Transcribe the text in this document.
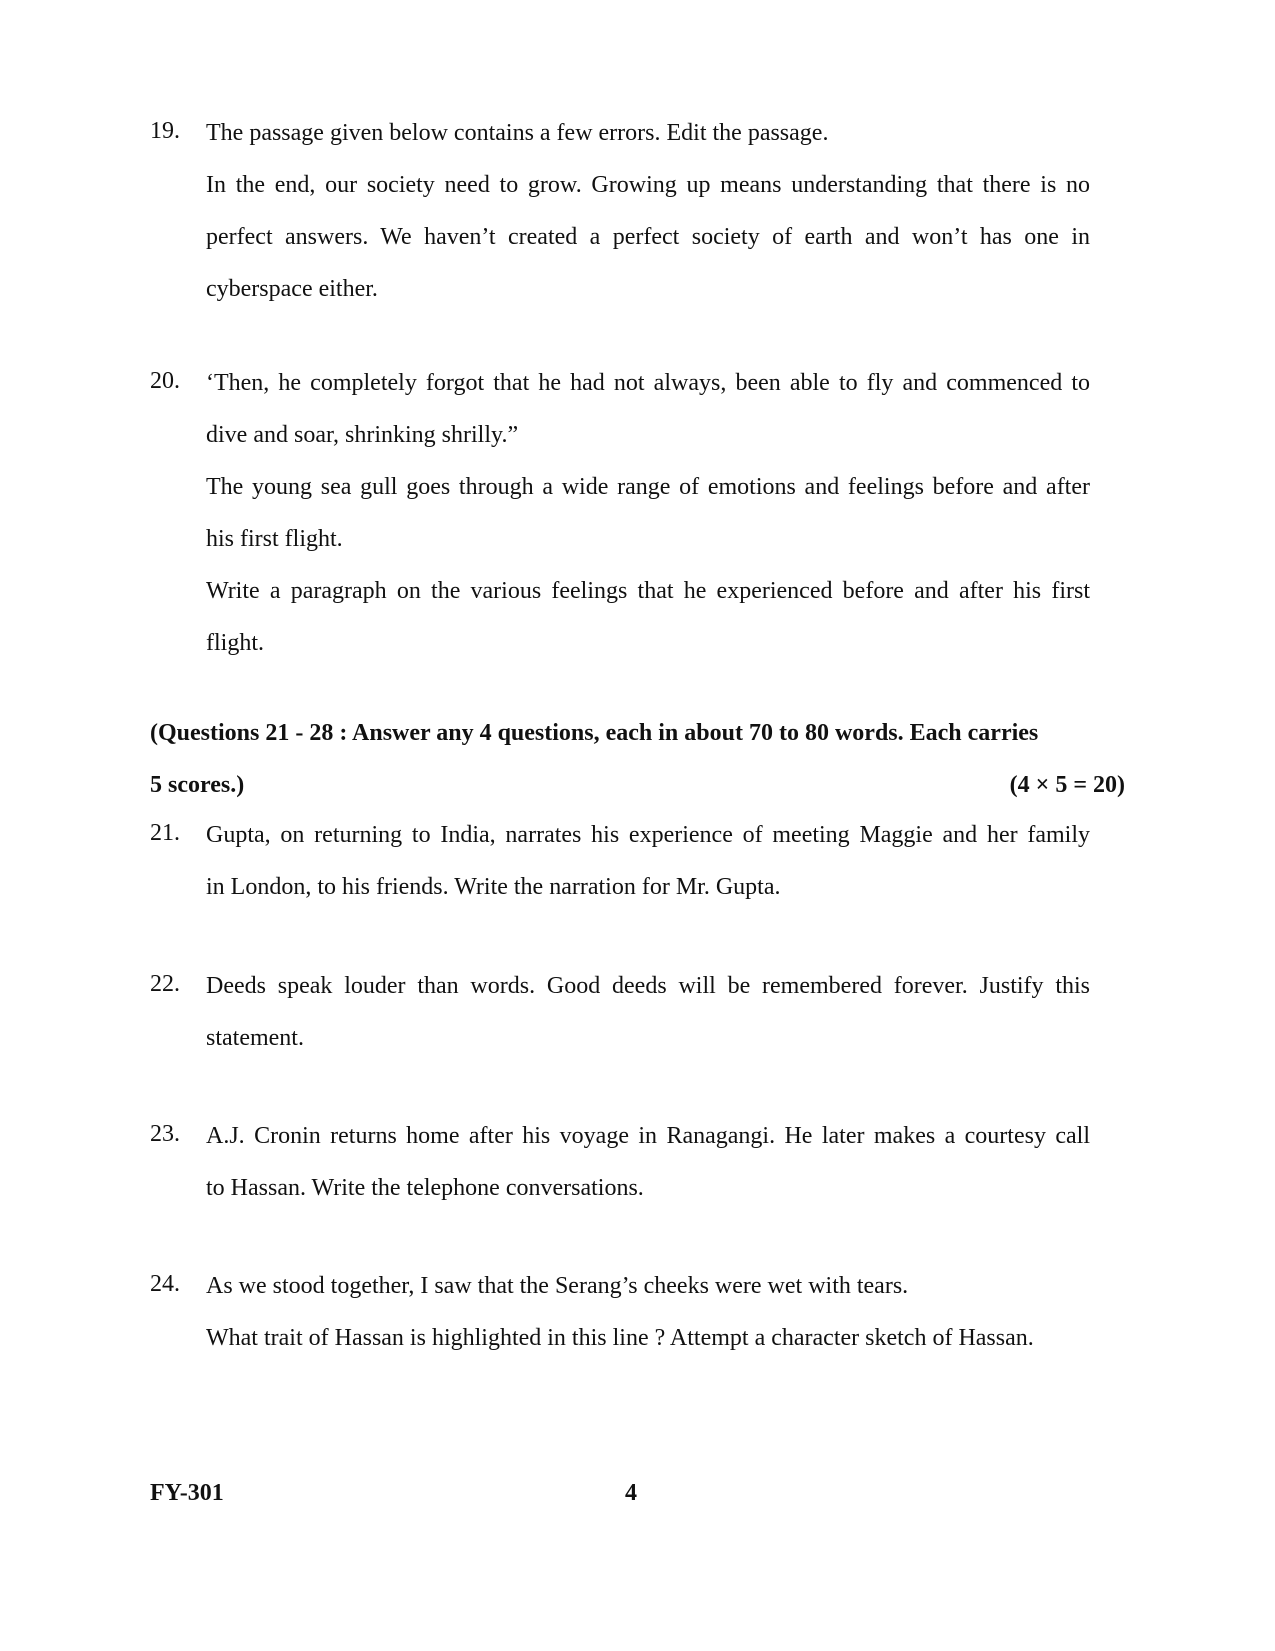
19.	The passage given below contains a few errors. Edit the passage.
In the end, our society need to grow. Growing up means understanding that there is no
perfect answers. We haven’t created a perfect society of earth and won’t has one in
cyberspace either.
20.	‘Then, he completely forgot that he had not always, been able to fly and commenced to
dive and soar, shrinking shrilly.”
The young sea gull goes through a wide range of emotions and feelings before and after
his first flight.
Write a paragraph on the various feelings that he experienced before and after his first
flight.
(Questions 21 - 28 : Answer any 4 questions, each in about 70 to 80 words. Each carries
5 scores.)	(4 × 5 = 20)
21.	Gupta, on returning to India, narrates his experience of meeting Maggie and her family
in London, to his friends. Write the narration for Mr. Gupta.
22.	Deeds speak louder than words. Good deeds will be remembered forever. Justify this
statement.
23.	A.J. Cronin returns home after his voyage in Ranagangi. He later makes a courtesy call
to Hassan. Write the telephone conversations.
24.	As we stood together, I saw that the Serang’s cheeks were wet with tears.
What trait of Hassan is highlighted in this line ? Attempt a character sketch of Hassan.
FY-301	4
